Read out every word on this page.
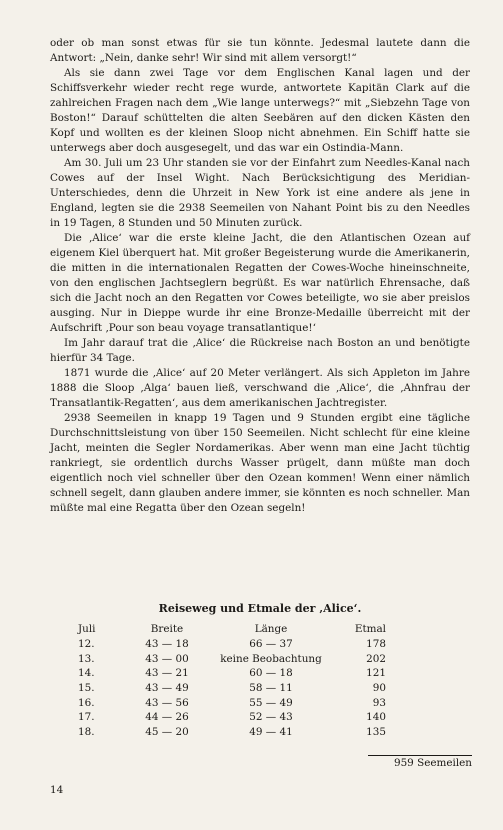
oder ob man sonst etwas für sie tun könnte. Jedesmal lautete dann die Antwort: „Nein, danke sehr! Wir sind mit allem versorgt!“

Als sie dann zwei Tage vor dem Englischen Kanal lagen und der Schiffsverkehr wieder recht rege wurde, antwortete Kapitän Clark auf die zahlreichen Fragen nach dem „Wie lange unterwegs?“ mit „Siebzehn Tage von Boston!“ Darauf schüttelten die alten Seebären auf den dicken Kästen den Kopf und wollten es der kleinen Sloop nicht abnehmen. Ein Schiff hatte sie unterwegs aber doch ausgesegelt, und das war ein Ostindia-Mann.

Am 30. Juli um 23 Uhr standen sie vor der Einfahrt zum Needles-Kanal nach Cowes auf der Insel Wight. Nach Berücksichtigung des Meridian-Unterschiedes, denn die Uhrzeit in New York ist eine andere als jene in England, legten sie die 2938 Seemeilen von Nahant Point bis zu den Needles in 19 Tagen, 8 Stunden und 50 Minuten zurück.

Die ‚Alice‘ war die erste kleine Jacht, die den Atlantischen Ozean auf eigenem Kiel überquert hat. Mit großer Begeisterung wurde die Amerikanerin, die mitten in die internationalen Regatten der Cowes-Woche hineinschneite, von den englischen Jachtseglern begrüßt. Es war natürlich Ehrensache, daß sich die Jacht noch an den Regatten vor Cowes beteiligte, wo sie aber preislos ausging. Nur in Dieppe wurde ihr eine Bronze-Medaille überreicht mit der Aufschrift ‚Pour son beau voyage transatlantique!‘

Im Jahr darauf trat die ‚Alice‘ die Rückreise nach Boston an und benötigte hierfür 34 Tage.

1871 wurde die ‚Alice‘ auf 20 Meter verlängert. Als sich Appleton im Jahre 1888 die Sloop ‚Alga‘ bauen ließ, verschwand die ‚Alice‘, die ‚Ahnfrau der Transatlantik-Regatten‘, aus dem amerikanischen Jachtregister.

2938 Seemeilen in knapp 19 Tagen und 9 Stunden ergibt eine tägliche Durchschnittsleistung von über 150 Seemeilen. Nicht schlecht für eine kleine Jacht, meinten die Segler Nordamerikas. Aber wenn man eine Jacht tüchtig rankriegt, sie ordentlich durchs Wasser prügelt, dann müßte man doch eigentlich noch viel schneller über den Ozean kommen! Wenn einer nämlich schnell segelt, dann glauben andere immer, sie könnten es noch schneller. Man müßte mal eine Regatta über den Ozean segeln!

Reiseweg und Etmale der ‚Alice‘.
Juli	Breite	Länge	Etmal
12.	43 — 18	66 — 37	178
13.	43 — 00	keine Beobachtung	202
14.	43 — 21	60 — 18	121
15.	43 — 49	58 — 11	90
16.	43 — 56	55 — 49	93
17.	44 — 26	52 — 43	140
18.	45 — 20	49 — 41	135
959 Seemeilen
14
